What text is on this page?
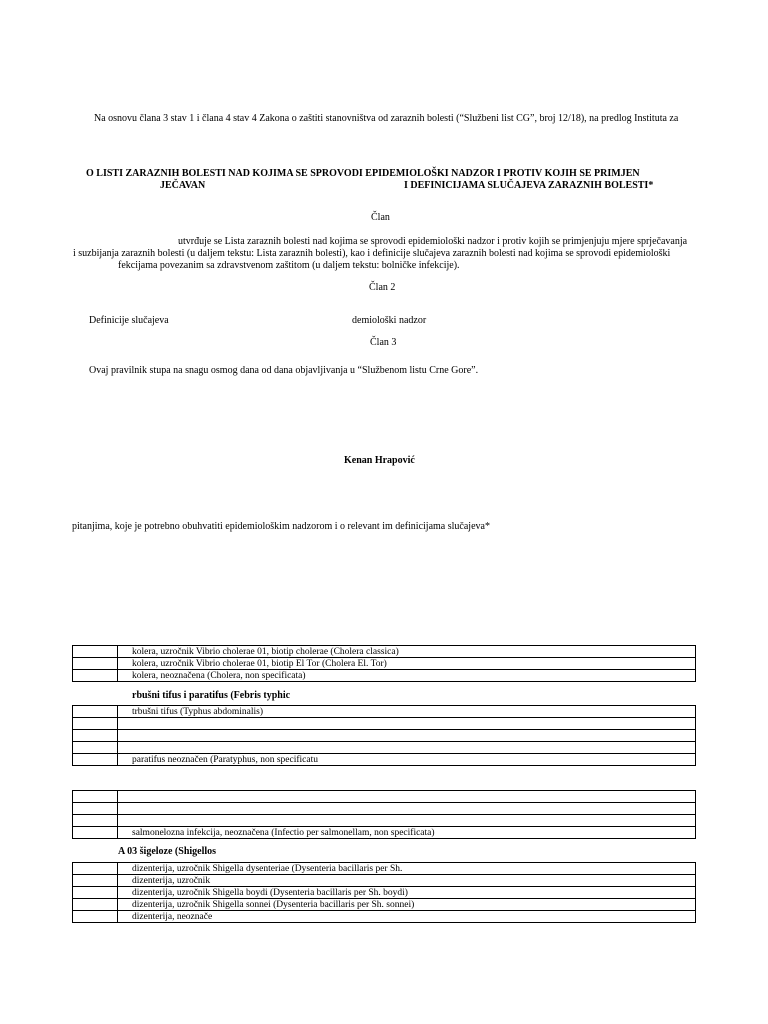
Na osnovu člana 3 stav 1 i člana 4 stav 4 Zakona o zaštiti stanovništva od zaraznih bolesti (“Službeni list CG”, broj 12/18), na predlog Instituta za
O LISTI ZARAZNIH BOLESTI NAD KOJIMA SE SPROVODI EPIDEMIOLOŠKI NADZOR I PROTIV KOJIH SE PRIMJEN
JEČAVAN	I DEFINICIJAMA SLUČAJEVA ZARAZNIH BOLESTI*
Član
utvrđuje se Lista zaraznih bolesti nad kojima se sprovodi epidemiološki nadzor i protiv kojih se primjenjuju mjere sprječavanja
i suzbijanja zaraznih bolesti (u daljem tekstu: Lista zaraznih bolesti), kao i definicije slučajeva zaraznih bolesti nad kojima se sprovodi epidemiološki
fekcijama povezanim sa zdravstvenom zaštitom (u daljem tekstu: bolničke infekcije).
Član 2
Definicije slučajeva	demiološki nadzor
Član 3
Ovaj pravilnik stupa na snagu osmog dana od dana objavljivanja u “Službenom listu Crne Gore”.
Kenan Hrapović
pitanjima, koje je potrebno obuhvatiti epidemiološkim nadzorom i o relevant im definicijama slučajeva*
	kolera, uzročnik Vibrio cholerae 01, biotip cholerae (Cholera classica)
	kolera, uzročnik Vibrio cholerae 01, biotip El Tor (Cholera El. Tor)
	kolera, neoznačena (Cholera, non specificata)
rbušni tifus i paratifus (Febris typhic
	trbušni tifus (Typhus abdominalis)

	paratifus neoznačen (Paratyphus, non specificatu

	salmonelozna infekcija, neoznačena (Infectio per salmonellam, non specificata)
A 03 šigeloze (Shigellos
	dizenterija, uzročnik Shigella dysenteriae (Dysenteria bacillaris per Sh.
	dizenterija, uzročnik
	dizenterija, uzročnik Shigella boydi (Dysenteria bacillaris per Sh. boydi)
	dizenterija, uzročnik Shigella sonnei (Dysenteria bacillaris per Sh. sonnei)
	dizenterija, neoznače
